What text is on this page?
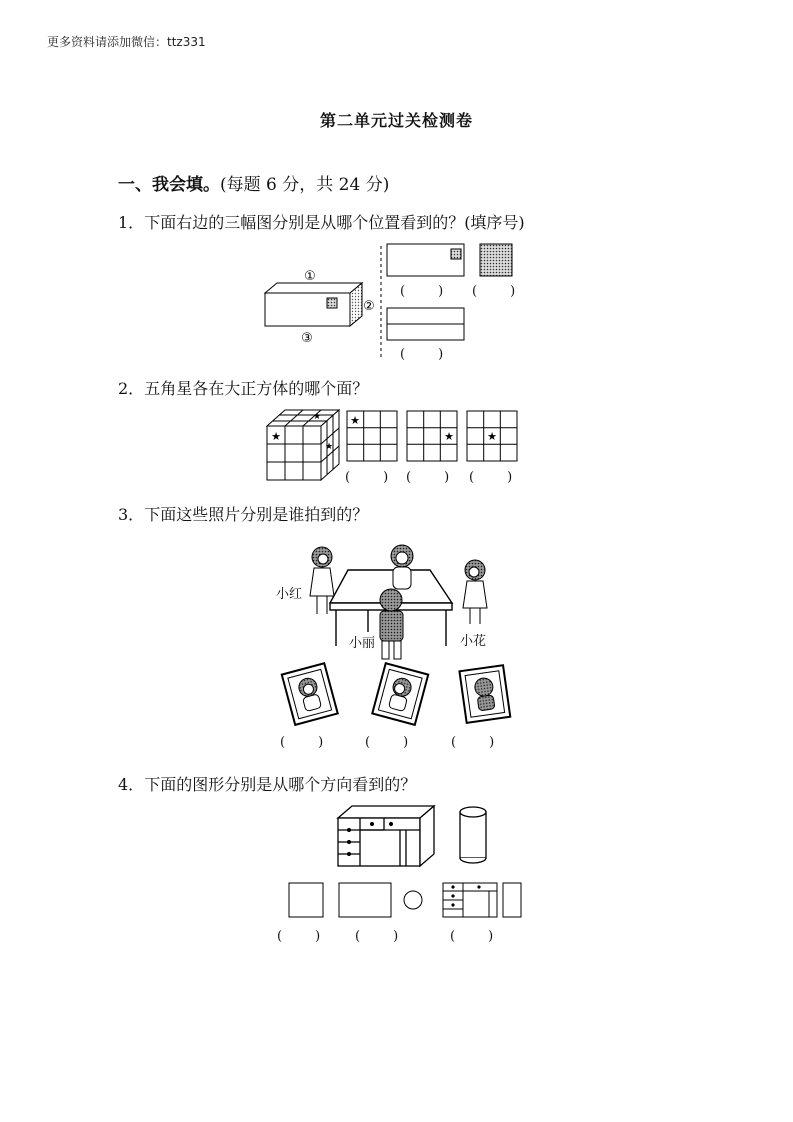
更多资料请添加微信：ttz331
第二单元过关检测卷
一、我会填。(每题 6 分，共 24 分)
1．下面右边的三幅图分别是从哪个位置看到的？(填序号)
①
②
③
(        ) (        )
(        )
2．五角星各在大正方体的哪个面？
★
★
★
★
★	★
(        ) (        ) (        )
3．下面这些照片分别是谁拍到的？
小红
小丽	小花
(        )	(        )	(        )
4．下面的图形分别是从哪个方向看到的？
(        )	(        )	(        )
